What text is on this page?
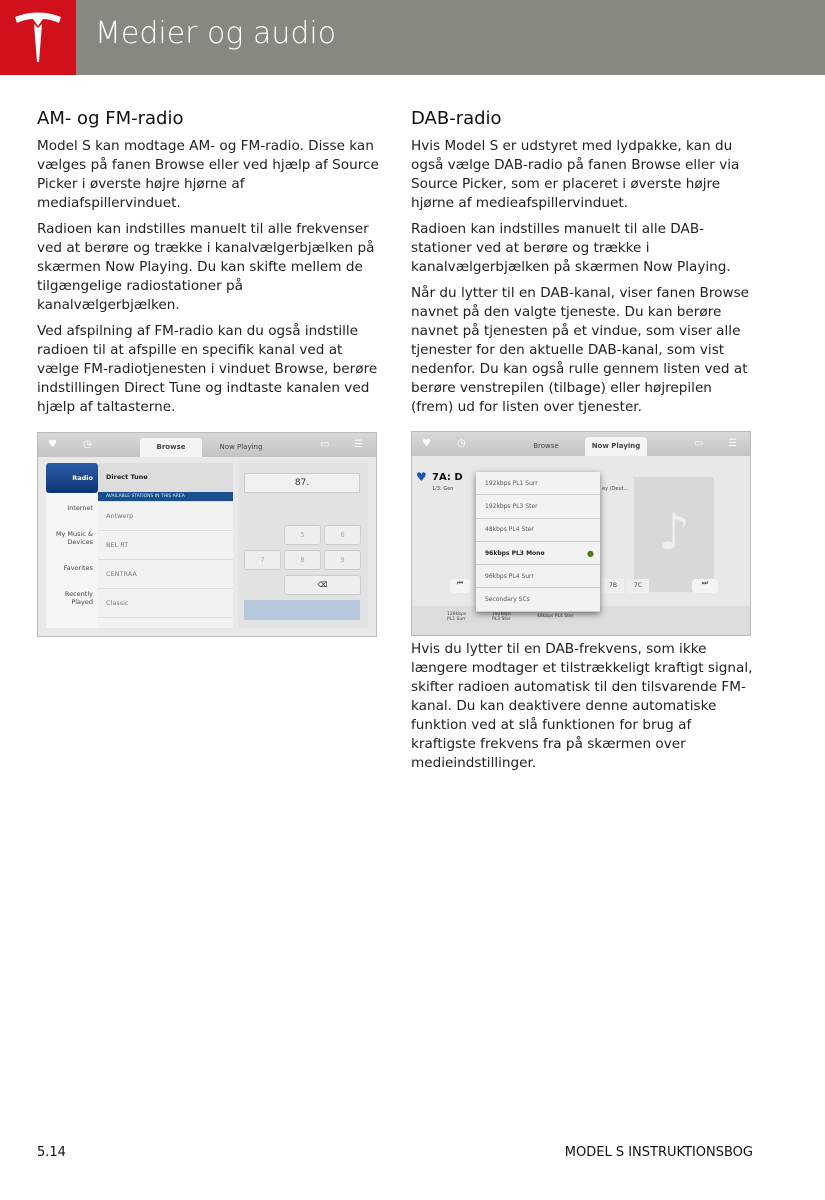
Medier og audio
AM- og FM-radio

Model S kan modtage AM- og FM-radio. Disse kan vælges på fanen Browse eller ved hjælp af Source Picker i øverste højre hjørne af mediafspillervinduet.

Radioen kan indstilles manuelt til alle frekvenser ved at berøre og trække i kanalvælgerbjælken på skærmen Now Playing. Du kan skifte mellem de tilgængelige radiostationer på kanalvælgerbjælken.

Ved afspilning af FM-radio kan du også indstille radioen til at afspille en specifik kanal ved at vælge FM-radiotjenesten i vinduet Browse, berøre indstillingen Direct Tune og indtaste kanalen ved hjælp af taltasterne.

DAB-radio

Hvis Model S er udstyret med lydpakke, kan du også vælge DAB-radio på fanen Browse eller via Source Picker, som er placeret i øverste højre hjørne af medieafspillervinduet.

Radioen kan indstilles manuelt til alle DAB-stationer ved at berøre og trække i kanalvælgerbjælken på skærmen Now Playing.

Når du lytter til en DAB-kanal, viser fanen Browse navnet på den valgte tjeneste. Du kan berøre navnet på tjenesten på et vindue, som viser alle tjenester for den aktuelle DAB-kanal, som vist nedenfor. Du kan også rulle gennem listen ved at berøre venstrepilen (tilbage) eller højrepilen (frem) ud for listen over tjenester.

♥	◷	Browse	Now Playing	▭ ☰
Radio
Internet
My Music & Devices
Favorites
Recently Played
Direct Tune
AVAILABLE STATIONS IN THIS AREA
Antwerp
BEL RT
CENTRAA
Classic
87.
5	6
7	8	9
⌫
♥	◷	Browse	Now Playing	▭ ☰
♥ 7A: D
1/3: Gen	ey (Deut...
♪
⏮	7B	7C	⏭
128kbps PL1 Surr
192kbps PL3 Ster
48kbps PL4 Ster
192kbps PL1 Surr
192kbps PL3 Ster
48kbps PL4 Ster
96kbps PL3 Mono	●
96kbps PL4 Surr
Secondary SCs

Hvis du lytter til en DAB-frekvens, som ikke længere modtager et tilstrækkeligt kraftigt signal, skifter radioen automatisk til den tilsvarende FM-kanal. Du kan deaktivere denne automatiske funktion ved at slå funktionen for brug af kraftigste frekvens fra på skærmen over medieindstillinger.

5.14	MODEL S INSTRUKTIONSBOG
